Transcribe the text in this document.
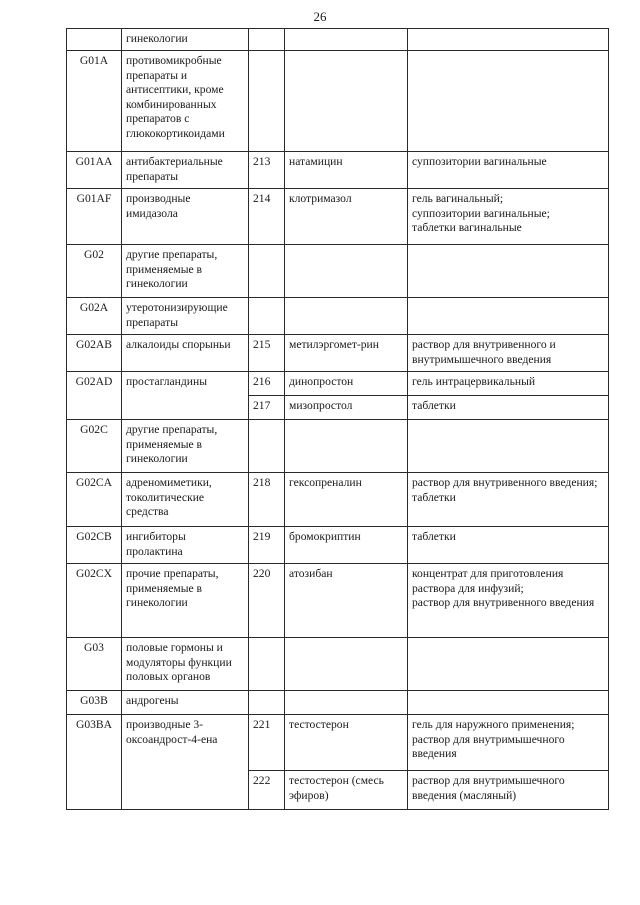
26
	гинекологии			
G01A	противомикробные препараты и антисептики, кроме комбинированных препаратов с глюкокортикоидами			
G01AA	антибактериальные препараты	213	натамицин	суппозитории вагинальные
G01AF	производные имидазола	214	клотримазол	гель вагинальный;
суппозитории вагинальные;
таблетки вагинальные
G02	другие препараты, применяемые в гинекологии			
G02A	утеротонизирующие препараты			
G02AB	алкалоиды спорыньи	215	метилэргомет-рин	раствор для внутривенного и внутримышечного введения
G02AD	простагландины	216	динопростон	гель интрацервикальный
		217	мизопростол	таблетки
G02C	другие препараты, применяемые в гинекологии			
G02CA	адреномиметики, токолитические средства	218	гексопреналин	раствор для внутривенного введения;
таблетки
G02CB	ингибиторы пролактина	219	бромокриптин	таблетки
G02CX	прочие препараты, применяемые в гинекологии	220	атозибан	концентрат для приготовления раствора для инфузий;
раствор для внутривенного введения
G03	половые гормоны и модуляторы функции половых органов			
G03B	андрогены			
G03BA	производные 3-оксоандрост-4-ена	221	тестостерон	гель для наружного применения;
раствор для внутримышечного введения
		222	тестостерон (смесь эфиров)	раствор для внутримышечного введения (масляный)
